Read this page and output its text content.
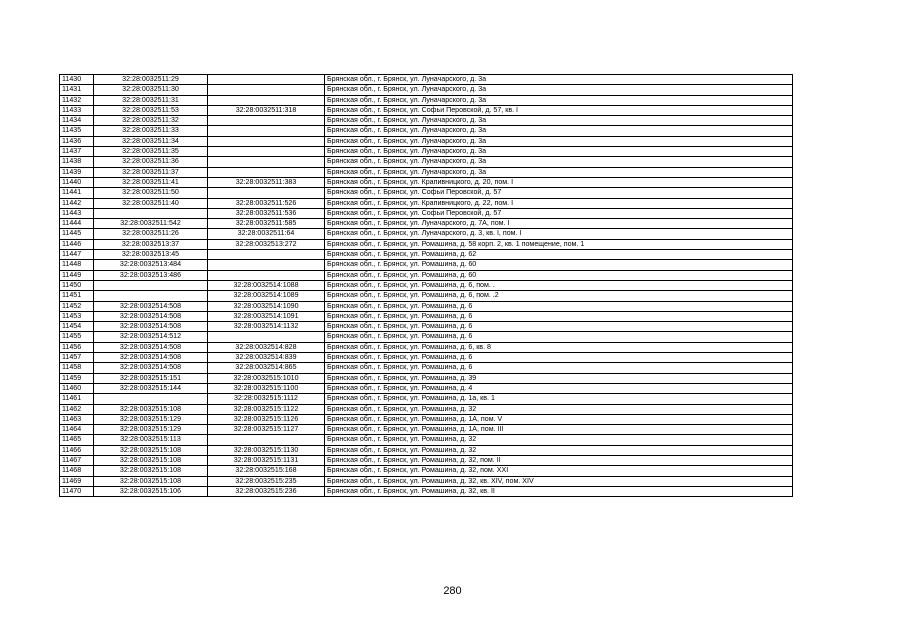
11430	32:28:0032511:29		Брянская обл., г. Брянск, ул. Луначарского, д. 3а
11431	32:28:0032511:30		Брянская обл., г. Брянск, ул. Луначарского, д. 3а
11432	32:28:0032511:31		Брянская обл., г. Брянск, ул. Луначарского, д. 3а
11433	32:28:0032511:53	32:28:0032511:318	Брянская обл., г. Брянск, ул. Софьи Перовской, д. 57, кв. I
11434	32:28:0032511:32		Брянская обл., г. Брянск, ул. Луначарского, д. 3а
11435	32:28:0032511:33		Брянская обл., г. Брянск, ул. Луначарского, д. 3а
11436	32:28:0032511:34		Брянская обл., г. Брянск, ул. Луначарского, д. 3а
11437	32:28:0032511:35		Брянская обл., г. Брянск, ул. Луначарского, д. 3а
11438	32:28:0032511:36		Брянская обл., г. Брянск, ул. Луначарского, д. 3а
11439	32:28:0032511:37		Брянская обл., г. Брянск, ул. Луначарского, д. 3а
11440	32:28:0032511:41	32:28:0032511:383	Брянская обл., г. Брянск, ул. Крапивницкого, д. 20, пом. I
11441	32:28:0032511:50		Брянская обл., г. Брянск, ул. Софьи Перовской, д. 57
11442	32:28:0032511:40	32:28:0032511:526	Брянская обл., г. Брянск, ул. Крапивницкого, д. 22, пом. I
11443		32:28:0032511:536	Брянская обл., г. Брянск, ул. Софьи Перовской, д. 57
11444	32:28:0032511:542	32:28:0032511:585	Брянская обл., г. Брянск, ул. Луначарского, д. 7А, пом. I
11445	32:28:0032511:26	32:28:0032511:64	Брянская обл., г. Брянск, ул. Луначарского, д. 3, кв. I, пом. I
11446	32:28:0032513:37	32:28:0032513:272	Брянская обл., г. Брянск, ул. Ромашина, д. 58 корп. 2, кв. 1 помещение, пом. 1
11447	32:28:0032513:45		Брянская обл., г. Брянск, ул. Ромашина, д. 62
11448	32:28:0032513:484		Брянская обл., г. Брянск, ул. Ромашина, д. 60
11449	32:28:0032513:486		Брянская обл., г. Брянск, ул. Ромашина, д. 60
11450		32:28:0032514:1088	Брянская обл., г. Брянск, ул. Ромашина, д. 6, пом. .
11451		32:28:0032514:1089	Брянская обл., г. Брянск, ул. Ромашина, д. 6, пом. .2
11452	32:28:0032514:508	32:28:0032514:1090	Брянская обл., г. Брянск, ул. Ромашина, д. 6
11453	32:28:0032514:508	32:28:0032514:1091	Брянская обл., г. Брянск, ул. Ромашина, д. 6
11454	32:28:0032514:508	32:28:0032514:1132	Брянская обл., г. Брянск, ул. Ромашина, д. 6
11455	32:28:0032514:512		Брянская обл., г. Брянск, ул. Ромашина, д. 6
11456	32:28:0032514:508	32:28:0032514:828	Брянская обл., г. Брянск, ул. Ромашина, д. 6, кв. 8
11457	32:28:0032514:508	32:28:0032514:839	Брянская обл., г. Брянск, ул. Ромашина, д. 6
11458	32:28:0032514:508	32:28:0032514:865	Брянская обл., г. Брянск, ул. Ромашина, д. 6
11459	32:28:0032515:151	32:28:0032515:1010	Брянская обл., г. Брянск, ул. Ромашина, д. 39
11460	32:28:0032515:144	32:28:0032515:1100	Брянская обл., г. Брянск, ул. Ромашина, д. 4
11461		32:28:0032515:1112	Брянская обл., г. Брянск, ул. Ромашина, д. 1а, кв. 1
11462	32:28:0032515:108	32:28:0032515:1122	Брянская обл., г. Брянск, ул. Ромашина, д. 32
11463	32:28:0032515:129	32:28:0032515:1126	Брянская обл., г. Брянск, ул. Ромашина, д. 1А, пом. V
11464	32:28:0032515:129	32:28:0032515:1127	Брянская обл., г. Брянск, ул. Ромашина, д. 1А, пом. III
11465	32:28:0032515:113		Брянская обл., г. Брянск, ул. Ромашина, д. 32
11466	32:28:0032515:108	32:28:0032515:1130	Брянская обл., г. Брянск, ул. Ромашина, д. 32
11467	32:28:0032515:108	32:28:0032515:1131	Брянская обл., г. Брянск, ул. Ромашина, д. 32, пом. II
11468	32:28:0032515:108	32:28:0032515:168	Брянская обл., г. Брянск, ул. Ромашина, д. 32, пом. XXI
11469	32:28:0032515:108	32:28:0032515:235	Брянская обл., г. Брянск, ул. Ромашина, д. 32, кв. XIV, пом. XIV
11470	32:28:0032515:106	32:28:0032515:236	Брянская обл., г. Брянск, ул. Ромашина, д. 32, кв. II
280
